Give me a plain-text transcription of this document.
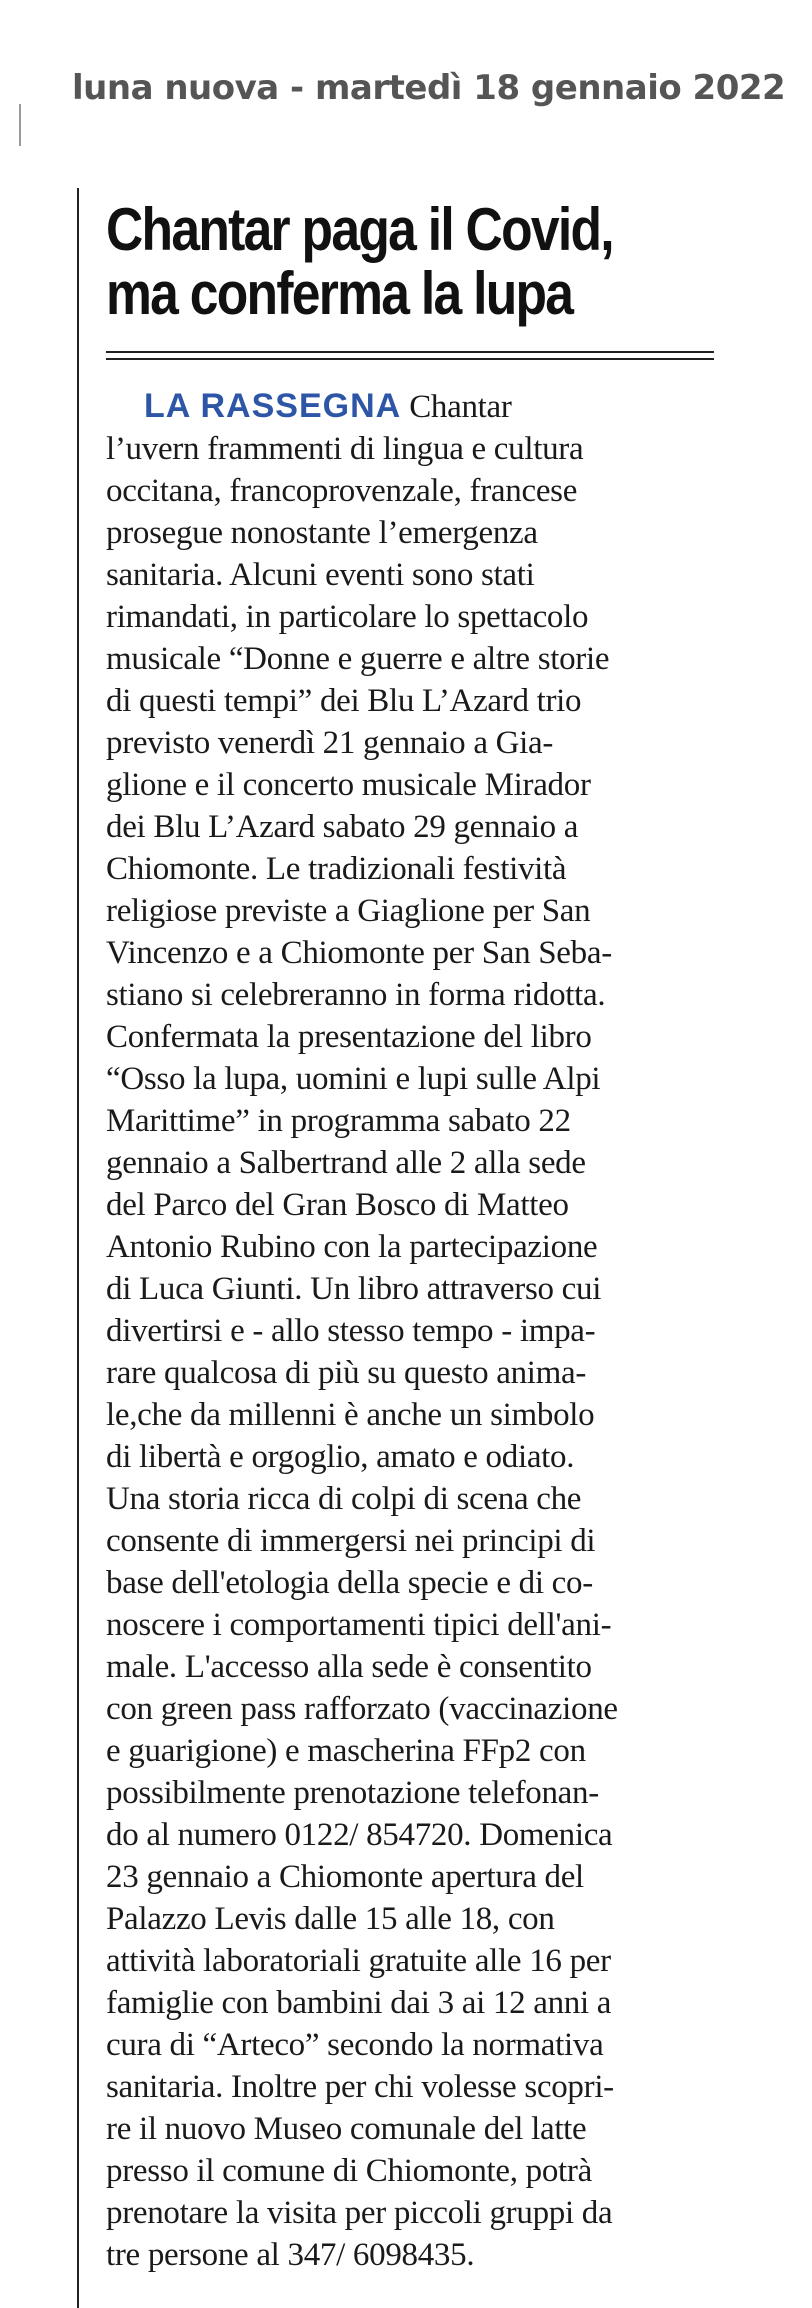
luna nuova - martedì 18 gennaio 2022
Chantar paga il Covid,
ma conferma la lupa
LA RASSEGNA Chantar
l’uvern frammenti di lingua e cultura
occitana, francoprovenzale, francese
prosegue nonostante l’emergenza
sanitaria. Alcuni eventi sono stati
rimandati, in particolare lo spettacolo
musicale “Donne e guerre e altre storie
di questi tempi” dei Blu L’Azard trio
previsto venerdì 21 gennaio a Gia-
glione e il concerto musicale Mirador
dei Blu L’Azard sabato 29 gennaio a
Chiomonte. Le tradizionali festività
religiose previste a Giaglione per San
Vincenzo e a Chiomonte per San Seba-
stiano si celebreranno in forma ridotta.
Confermata la presentazione del libro
“Osso la lupa, uomini e lupi sulle Alpi
Marittime” in programma sabato 22
gennaio a Salbertrand alle 2 alla sede
del Parco del Gran Bosco di Matteo
Antonio Rubino con la partecipazione
di Luca Giunti. Un libro attraverso cui
divertirsi e - allo stesso tempo - impa-
rare qualcosa di più su questo anima-
le,che da millenni è anche un simbolo
di libertà e orgoglio, amato e odiato.
Una storia ricca di colpi di scena che
consente di immergersi nei principi di
base dell'etologia della specie e di co-
noscere i comportamenti tipici dell'ani-
male. L'accesso alla sede è consentito
con green pass rafforzato (vaccinazione
e guarigione) e mascherina FFp2 con
possibilmente prenotazione telefonan-
do al numero 0122/ 854720. Domenica
23 gennaio a Chiomonte apertura del
Palazzo Levis dalle 15 alle 18, con
attività laboratoriali gratuite alle 16 per
famiglie con bambini dai 3 ai 12 anni a
cura di “Arteco” secondo la normativa
sanitaria. Inoltre per chi volesse scopri-
re il nuovo Museo comunale del latte
presso il comune di Chiomonte, potrà
prenotare la visita per piccoli gruppi da
tre persone al 347/ 6098435.
